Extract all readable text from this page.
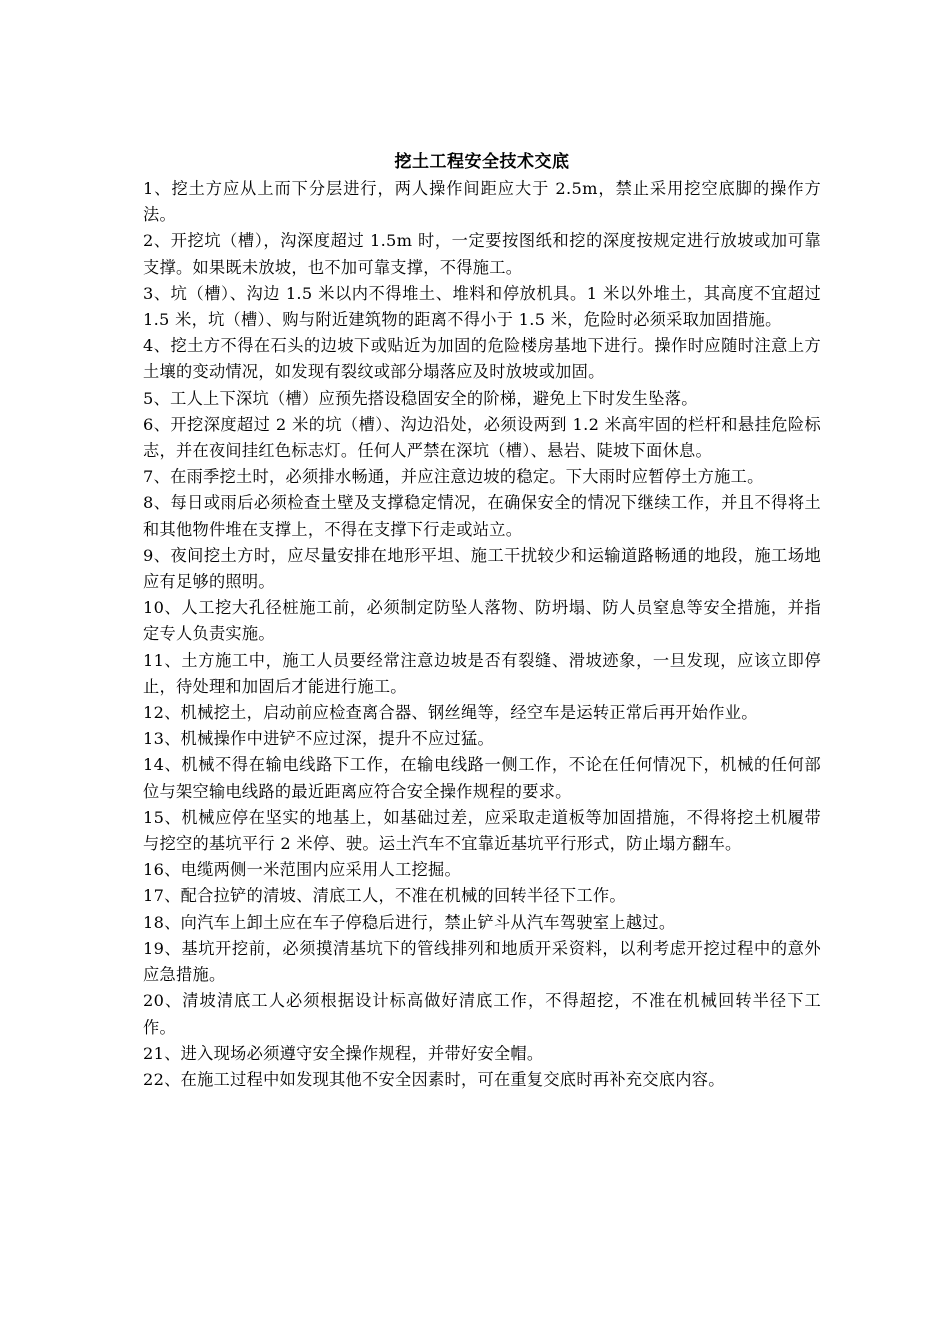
挖土工程安全技术交底
1、挖土方应从上而下分层进行，两人操作间距应大于 2.5m，禁止采用挖空底脚的操作方法。
2、开挖坑（槽），沟深度超过 1.5m 时，一定要按图纸和挖的深度按规定进行放坡或加可靠支撑。如果既未放坡，也不加可靠支撑，不得施工。
3、坑（槽）、沟边 1.5 米以内不得堆土、堆料和停放机具。1 米以外堆土，其高度不宜超过 1.5 米，坑（槽）、购与附近建筑物的距离不得小于 1.5 米，危险时必须采取加固措施。
4、挖土方不得在石头的边坡下或贴近为加固的危险楼房基地下进行。操作时应随时注意上方土壤的变动情况，如发现有裂纹或部分塌落应及时放坡或加固。
5、工人上下深坑（槽）应预先搭设稳固安全的阶梯，避免上下时发生坠落。
6、开挖深度超过 2 米的坑（槽）、沟边沿处，必须设两到 1.2 米高牢固的栏杆和悬挂危险标志，并在夜间挂红色标志灯。任何人严禁在深坑（槽）、悬岩、陡坡下面休息。
7、在雨季挖土时，必须排水畅通，并应注意边坡的稳定。下大雨时应暂停土方施工。
8、每日或雨后必须检查土壁及支撑稳定情况，在确保安全的情况下继续工作，并且不得将土和其他物件堆在支撑上，不得在支撑下行走或站立。
9、夜间挖土方时，应尽量安排在地形平坦、施工干扰较少和运输道路畅通的地段，施工场地应有足够的照明。
10、人工挖大孔径桩施工前，必须制定防坠人落物、防坍塌、防人员窒息等安全措施，并指定专人负责实施。
11、土方施工中，施工人员要经常注意边坡是否有裂缝、滑坡迹象，一旦发现，应该立即停止，待处理和加固后才能进行施工。
12、机械挖土，启动前应检查离合器、钢丝绳等，经空车是运转正常后再开始作业。
13、机械操作中进铲不应过深，提升不应过猛。
14、机械不得在输电线路下工作，在输电线路一侧工作，不论在任何情况下，机械的任何部位与架空输电线路的最近距离应符合安全操作规程的要求。
15、机械应停在坚实的地基上，如基础过差，应采取走道板等加固措施，不得将挖土机履带与挖空的基坑平行 2 米停、驶。运土汽车不宜靠近基坑平行形式，防止塌方翻车。
16、电缆两侧一米范围内应采用人工挖掘。
17、配合拉铲的清坡、清底工人，不准在机械的回转半径下工作。
18、向汽车上卸土应在车子停稳后进行，禁止铲斗从汽车驾驶室上越过。
19、基坑开挖前，必须摸清基坑下的管线排列和地质开采资料，以利考虑开挖过程中的意外应急措施。
20、清坡清底工人必须根据设计标高做好清底工作，不得超挖，不准在机械回转半径下工作。
21、进入现场必须遵守安全操作规程，并带好安全帽。
22、在施工过程中如发现其他不安全因素时，可在重复交底时再补充交底内容。
